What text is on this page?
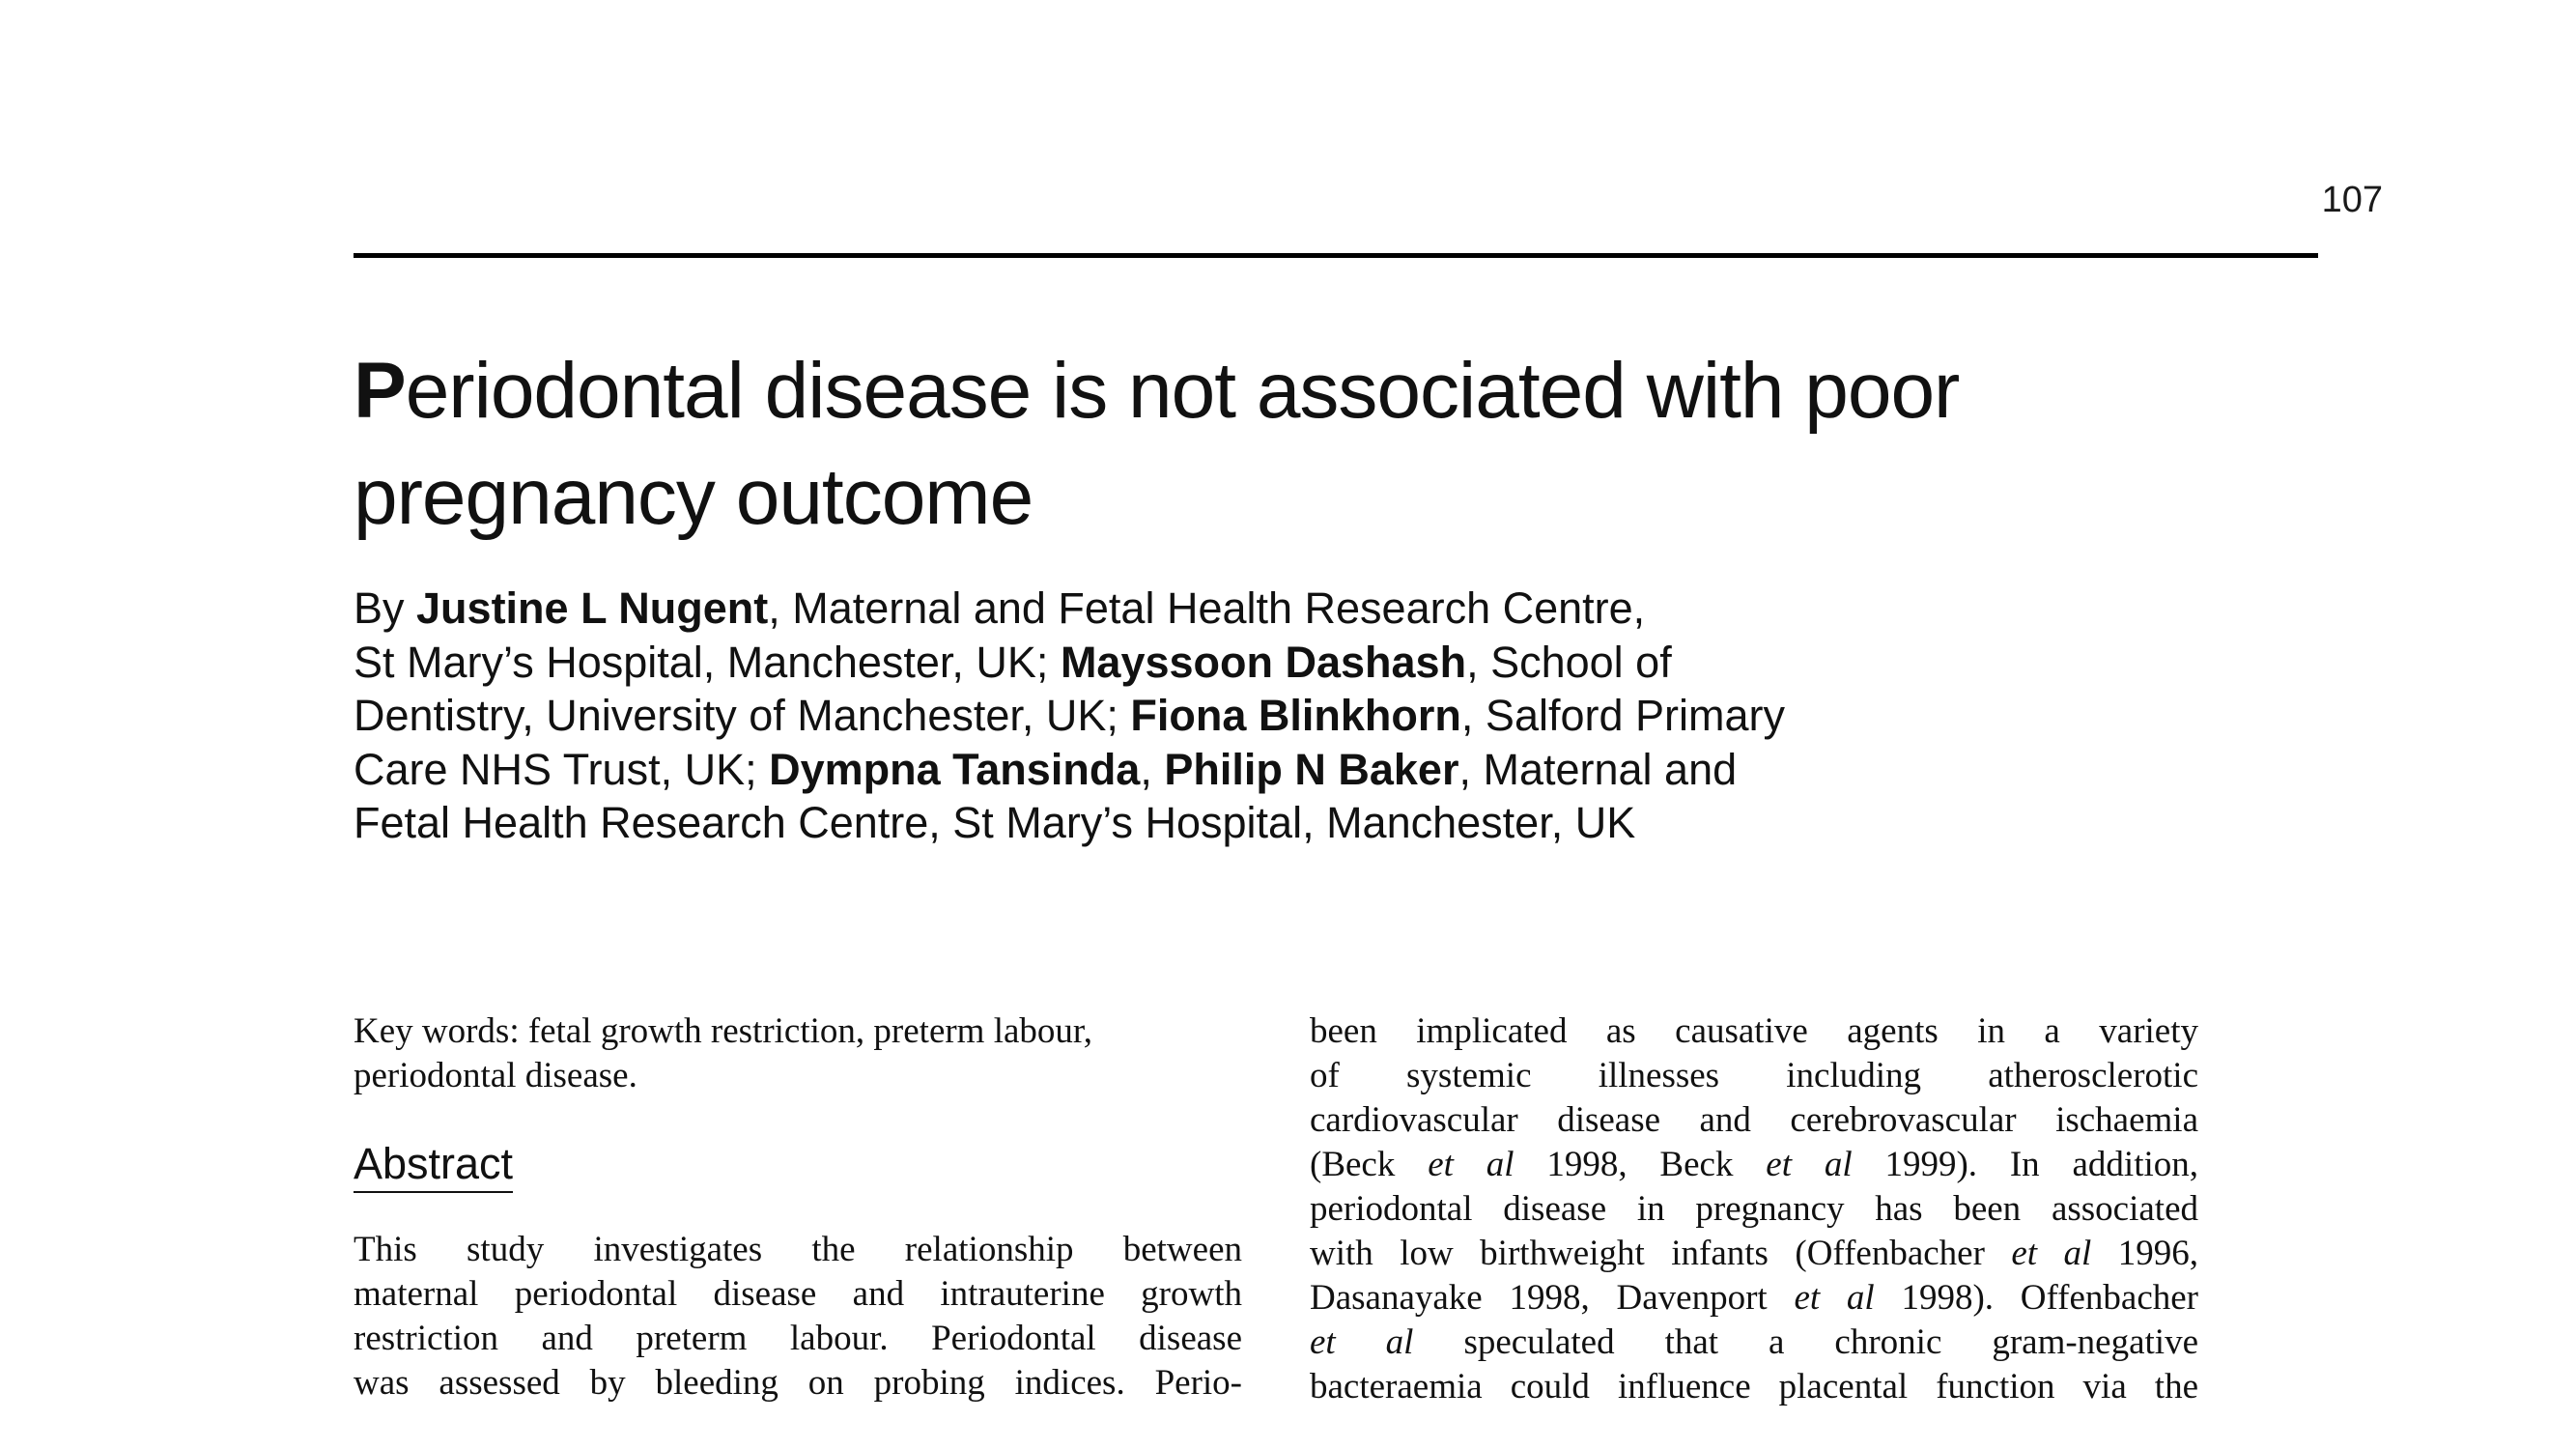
107
Periodontal disease is not associated with poor
pregnancy outcome

By Justine L Nugent, Maternal and Fetal Health Research Centre,
St Mary’s Hospital, Manchester, UK; Mayssoon Dashash, School of
Dentistry, University of Manchester, UK; Fiona Blinkhorn, Salford Primary
Care NHS Trust, UK; Dympna Tansinda, Philip N Baker, Maternal and
Fetal Health Research Centre, St Mary’s Hospital, Manchester, UK

Key words: fetal growth restriction, preterm labour,
periodontal disease.
Abstract
This study investigates the relationship between
maternal periodontal disease and intrauterine growth
restriction and preterm labour. Periodontal disease
was assessed by bleeding on probing indices. Perio-
been implicated as causative agents in a variety
of systemic illnesses including atherosclerotic
cardiovascular disease and cerebrovascular ischaemia
(Beck et al 1998, Beck et al 1999). In addition,
periodontal disease in pregnancy has been associated
with low birthweight infants (Offenbacher et al 1996,
Dasanayake 1998, Davenport et al 1998). Offenbacher
et al speculated that a chronic gram-negative
bacteraemia could influence placental function via the
